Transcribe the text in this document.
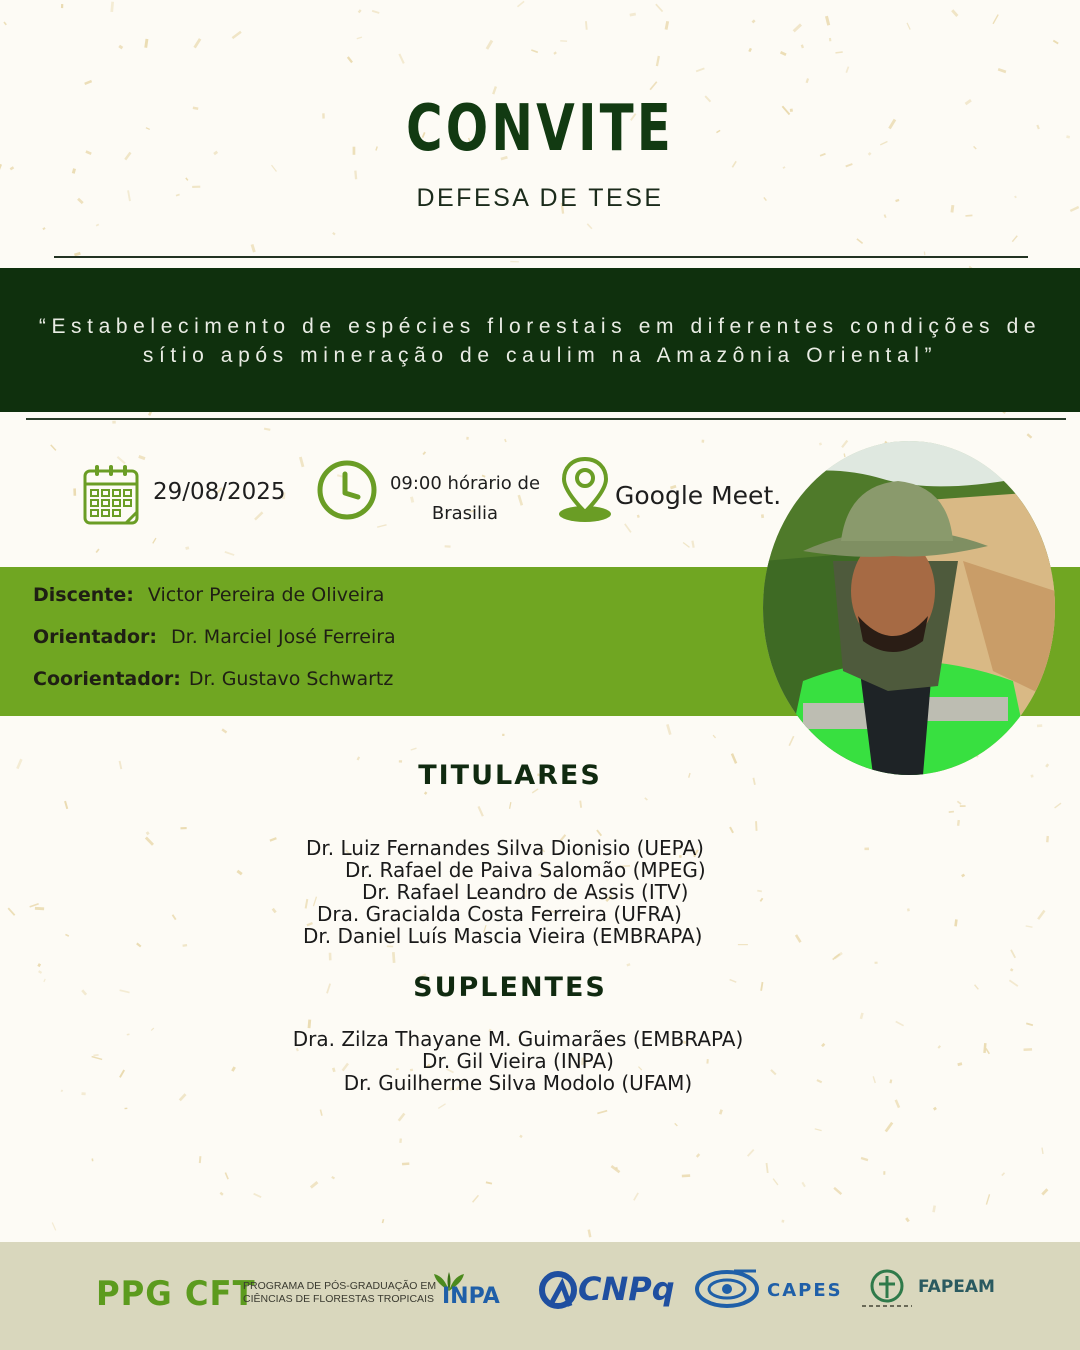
CONVITE
DEFESA DE TESE
“Estabelecimento de espécies florestais em diferentes condições de
sítio após mineração de caulim na Amazônia Oriental”
29/08/2025	09:00 hórario de
Brasilia
Google Meet.
Discente: Victor Pereira de Oliveira
Orientador: Dr. Marciel José Ferreira
Coorientador: Dr. Gustavo Schwartz
TITULARES
Dr. Luiz Fernandes Silva Dionisio (UEPA)
Dr. Rafael de Paiva Salomão (MPEG)
Dr. Rafael Leandro de Assis (ITV)
Dra. Gracialda Costa Ferreira (UFRA)
Dr. Daniel Luís Mascia Vieira (EMBRAPA)
SUPLENTES
Dra. Zilza Thayane M. Guimarães (EMBRAPA)
Dr. Gil Vieira (INPA)
Dr. Guilherme Silva Modolo (UFAM)
PPG CFT
PROGRAMA DE PÓS-GRADUAÇÃO EM
CIÊNCIAS DE FLORESTAS TROPICAIS INPA CNPq	CAPES	FAPEAM
